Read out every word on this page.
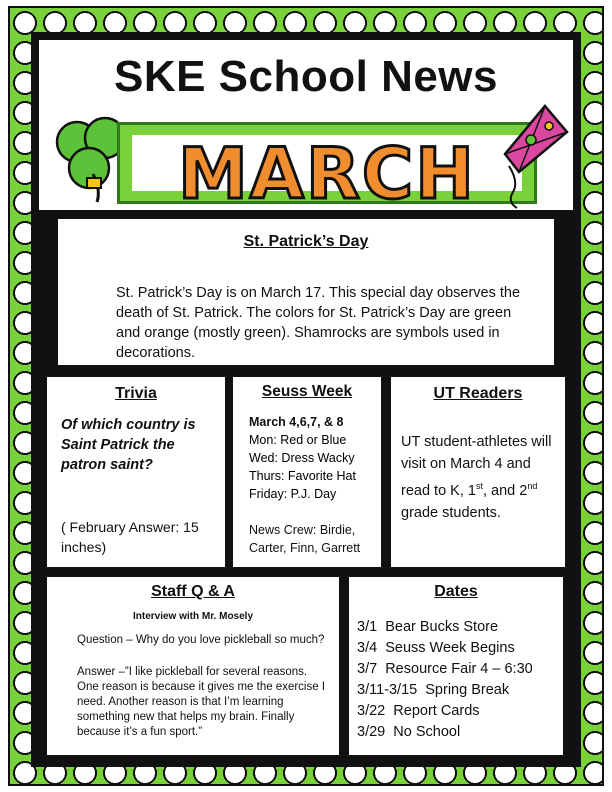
SKE School News
MARCH
St. Patrick’s Day
St. Patrick’s Day is on March 17. This special day observes the death of St. Patrick. The colors for St. Patrick’s Day are green and orange (mostly green). Shamrocks are symbols used in decorations.
Trivia
Of which country is Saint Patrick the patron saint?
( February Answer: 15 inches)
Seuss Week
March 4,6,7, & 8
Mon: Red or Blue
Wed: Dress Wacky
Thurs: Favorite Hat
Friday: P.J. Day
News Crew: Birdie, Carter, Finn, Garrett
UT Readers
UT student-athletes will visit on March 4 and read to K, 1st, and 2nd grade students.
Staff Q & A
Interview with Mr. Mosely
Question – Why do you love pickleball so much?
Answer –”I like pickleball for several reasons. One reason is because it gives me the exercise I need. Another reason is that I’m learning something new that helps my brain. Finally because it’s a fun sport.”
Dates
3/1  Bear Bucks Store
3/4  Seuss Week Begins
3/7  Resource Fair 4 – 6:30
3/11-3/15  Spring Break
3/22  Report Cards
3/29  No School
